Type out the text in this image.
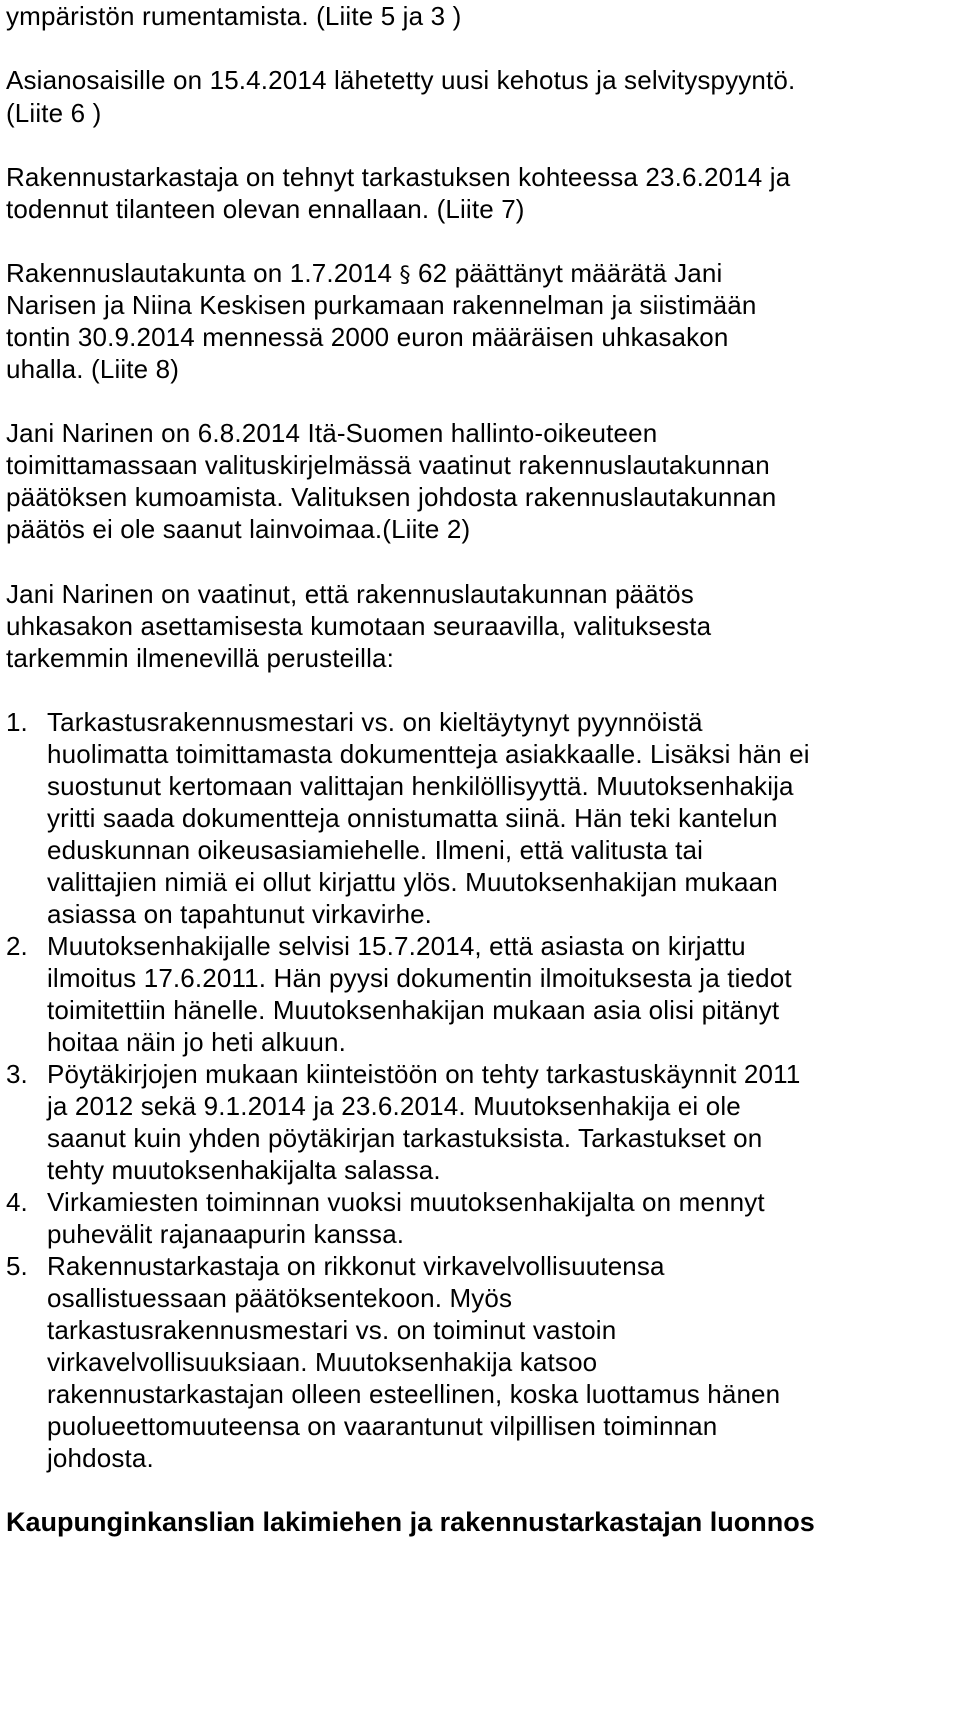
ympäristön rumentamista. (Liite 5 ja 3 )
Asianosaisille on 15.4.2014 lähetetty uusi kehotus ja selvityspyyntö.
(Liite 6 )
Rakennustarkastaja on tehnyt tarkastuksen kohteessa 23.6.2014 ja
todennut tilanteen olevan ennallaan. (Liite 7)
Rakennuslautakunta on 1.7.2014 § 62 päättänyt määrätä Jani
Narisen ja Niina Keskisen purkamaan rakennelman ja siistimään
tontin 30.9.2014 mennessä 2000 euron määräisen uhkasakon
uhalla. (Liite 8)
Jani Narinen on 6.8.2014 Itä-Suomen hallinto-oikeuteen
toimittamassaan valituskirjelmässä vaatinut rakennuslautakunnan
päätöksen kumoamista. Valituksen johdosta rakennuslautakunnan
päätös ei ole saanut lainvoimaa.(Liite 2)
Jani Narinen on vaatinut, että rakennuslautakunnan päätös
uhkasakon asettamisesta kumotaan seuraavilla, valituksesta
tarkemmin ilmenevillä perusteilla:
1. Tarkastusrakennusmestari vs. on kieltäytynyt pyynnöistä
huolimatta toimittamasta dokumentteja asiakkaalle. Lisäksi hän ei
suostunut kertomaan valittajan henkilöllisyyttä. Muutoksenhakija
yritti saada dokumentteja onnistumatta siinä. Hän teki kantelun
eduskunnan oikeusasiamiehelle. Ilmeni, että valitusta tai
valittajien nimiä ei ollut kirjattu ylös. Muutoksenhakijan mukaan
asiassa on tapahtunut virkavirhe.
2. Muutoksenhakijalle selvisi 15.7.2014, että asiasta on kirjattu
ilmoitus 17.6.2011. Hän pyysi dokumentin ilmoituksesta ja tiedot
toimitettiin hänelle. Muutoksenhakijan mukaan asia olisi pitänyt
hoitaa näin jo heti alkuun.
3. Pöytäkirjojen mukaan kiinteistöön on tehty tarkastuskäynnit 2011
ja 2012 sekä 9.1.2014 ja 23.6.2014. Muutoksenhakija ei ole
saanut kuin yhden pöytäkirjan tarkastuksista. Tarkastukset on
tehty muutoksenhakijalta salassa.
4. Virkamiesten toiminnan vuoksi muutoksenhakijalta on mennyt
puhevälit rajanaapurin kanssa.
5. Rakennustarkastaja on rikkonut virkavelvollisuutensa
osallistuessaan päätöksentekoon. Myös
tarkastusrakennusmestari vs. on toiminut vastoin
virkavelvollisuuksiaan. Muutoksenhakija katsoo
rakennustarkastajan olleen esteellinen, koska luottamus hänen
puolueettomuuteensa on vaarantunut vilpillisen toiminnan
johdosta.
Kaupunginkanslian lakimiehen ja rakennustarkastajan luonnos
